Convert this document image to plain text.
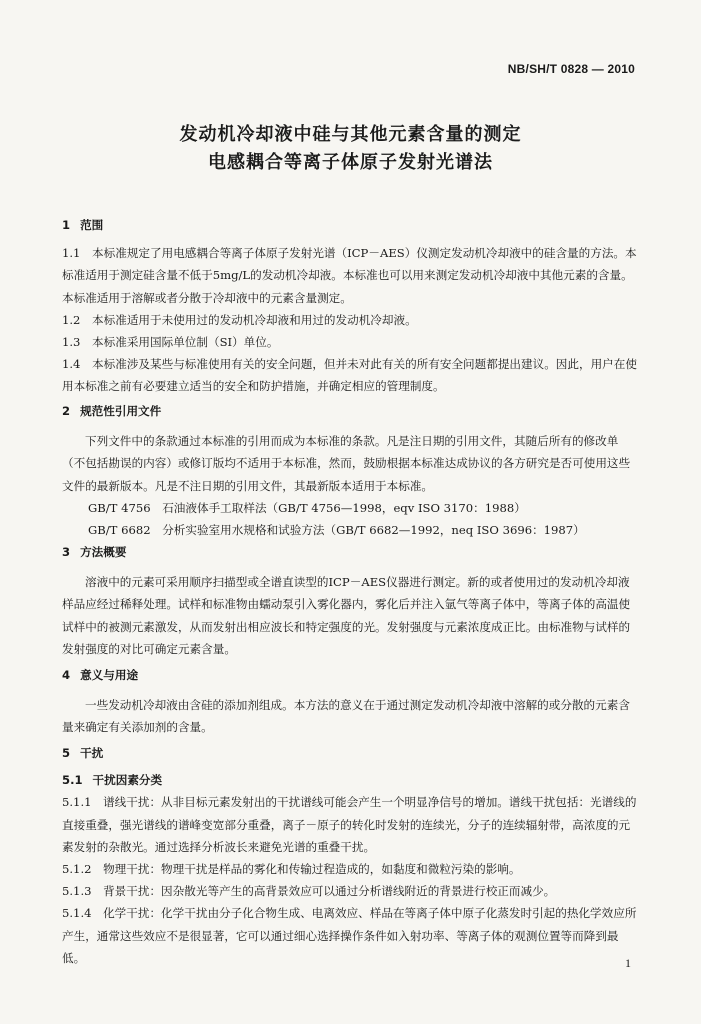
NB/SH/T 0828 — 2010
发动机冷却液中硅与其他元素含量的测定
电感耦合等离子体原子发射光谱法

1 范围

1.1　本标准规定了用电感耦合等离子体原子发射光谱（ICP－AES）仪测定发动机冷却液中的硅含量的方法。本标准适用于测定硅含量不低于5mg/L的发动机冷却液。本标准也可以用来测定发动机冷却液中其他元素的含量。本标准适用于溶解或者分散于冷却液中的元素含量测定。

1.2　本标准适用于未使用过的发动机冷却液和用过的发动机冷却液。

1.3　本标准采用国际单位制（SI）单位。

1.4　本标准涉及某些与标准使用有关的安全问题，但并未对此有关的所有安全问题都提出建议。因此，用户在使用本标准之前有必要建立适当的安全和防护措施，并确定相应的管理制度。

2 规范性引用文件

下列文件中的条款通过本标准的引用而成为本标准的条款。凡是注日期的引用文件，其随后所有的修改单（不包括勘误的内容）或修订版均不适用于本标准，然而，鼓励根据本标准达成协议的各方研究是否可使用这些文件的最新版本。凡是不注日期的引用文件，其最新版本适用于本标准。

GB/T 4756　石油液体手工取样法（GB/T 4756—1998，eqv ISO 3170：1988）

GB/T 6682　分析实验室用水规格和试验方法（GB/T 6682—1992，neq ISO 3696：1987）

3 方法概要

溶液中的元素可采用顺序扫描型或全谱直读型的ICP－AES仪器进行测定。新的或者使用过的发动机冷却液样品应经过稀释处理。试样和标准物由蠕动泵引入雾化器内，雾化后并注入氩气等离子体中，等离子体的高温使试样中的被测元素激发，从而发射出相应波长和特定强度的光。发射强度与元素浓度成正比。由标准物与试样的发射强度的对比可确定元素含量。

4 意义与用途

一些发动机冷却液由含硅的添加剂组成。本方法的意义在于通过测定发动机冷却液中溶解的或分散的元素含量来确定有关添加剂的含量。

5 干扰

5.1 干扰因素分类

5.1.1　谱线干扰：从非目标元素发射出的干扰谱线可能会产生一个明显净信号的增加。谱线干扰包括：光谱线的直接重叠，强光谱线的谱峰变宽部分重叠，离子－原子的转化时发射的连续光，分子的连续辐射带，高浓度的元素发射的杂散光。通过选择分析波长来避免光谱的重叠干扰。

5.1.2　物理干扰：物理干扰是样品的雾化和传输过程造成的，如黏度和微粒污染的影响。

5.1.3　背景干扰：因杂散光等产生的高背景效应可以通过分析谱线附近的背景进行校正而减少。

5.1.4　化学干扰：化学干扰由分子化合物生成、电离效应、样品在等离子体中原子化蒸发时引起的热化学效应所产生，通常这些效应不是很显著，它可以通过细心选择操作条件如入射功率、等离子体的观测位置等而降到最低。	1
